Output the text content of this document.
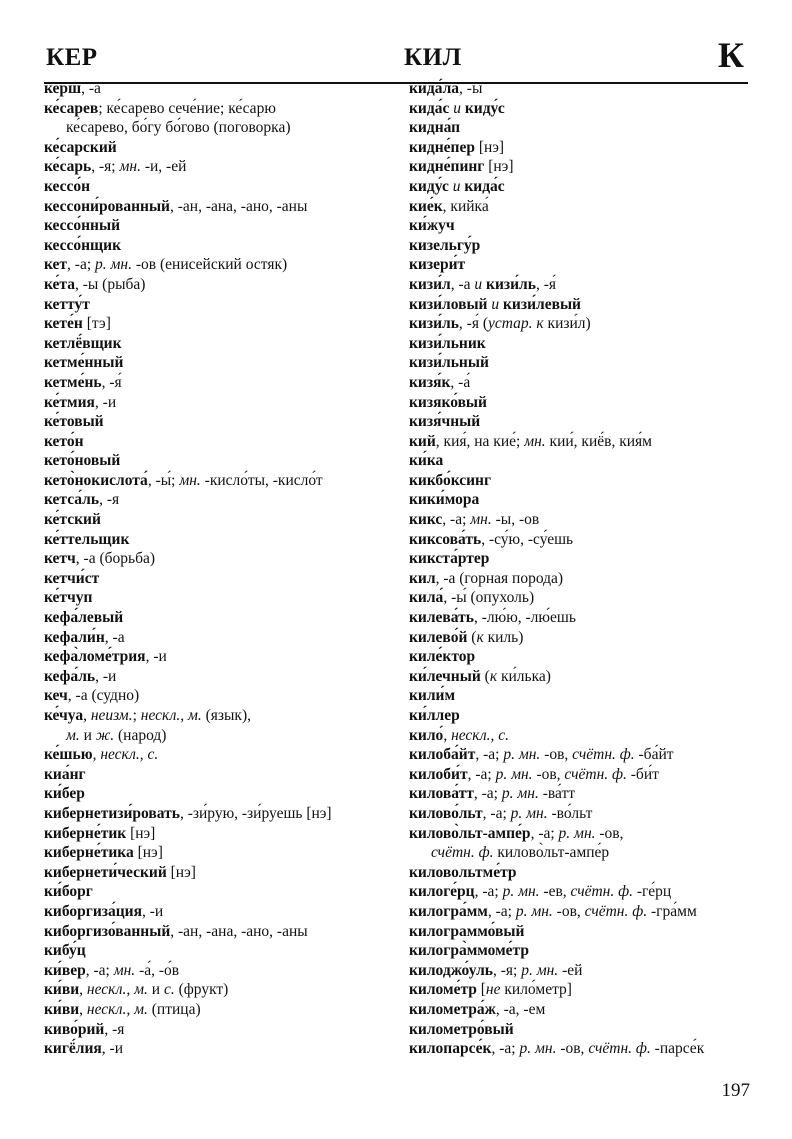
КЕР	КИЛ	К
керш, -а
ке́сарев; ке́сарево сече́ние; ке́сарю
ке́сарево, бо́гу бо́гово (поговорка)
ке́сарский
ке́сарь, -я; мн. -и, -ей
кессо́н
кессони́рованный, -ан, -ана, -ано, -аны
кессо́нный
кессо́нщик
кет, -а; р. мн. -ов (енисейский остяк)
ке́та, -ы (рыба)
кетту́т
кете́н [тэ]
кетлё́вщик
кетме́нный
кетме́нь, -я́
ке́тмия, -и
ке́товый
кето́н
кето́новый
кето̀нокислота́, -ы́; мн. -кисло́ты, -кисло́т
кетса́ль, -я
ке́тский
ке́ттельщик
кетч, -а (борьба)
кетчи́ст
ке́тчуп
кефа́левый
кефали́н, -а
кефа̀ломе́трия, -и
кефа́ль, -и
кеч, -а (судно)
ке́чуа, неизм.; нескл., м. (язык),
м. и ж. (народ)
ке́шью, нескл., с.
киа́нг
ки́бер
кибернетизи́ровать, -зи́рую, -зи́руешь [нэ]
киберне́тик [нэ]
киберне́тика [нэ]
кибернети́ческий [нэ]
ки́борг
киборгиза́ция, -и
киборгизо́ванный, -ан, -ана, -ано, -аны
кибу́ц
ки́вер, -а; мн. -а́, -о́в
ки́ви, нескл., м. и с. (фрукт)
ки́ви, нескл., м. (птица)
киво́рий, -я
кигё́лия, -и
кида́ла, -ы
кида́с и киду́с
кидна́п
кидне́пер [нэ]
кидне́пинг [нэ]
киду́с и кида́с
кие́к, кийка́
ки́жуч
кизельгу́р
кизери́т
кизи́л, -а и кизи́ль, -я́
кизи́ловый и кизи́левый
кизи́ль, -я́ (устар. к кизи́л)
кизи́льник
кизи́льный
кизя́к, -а́
кизяко́вый
кизя́чный
кий, кия́, на кие́; мн. кии́, киё́в, кия́м
ки́ка
кикбо́ксинг
кики́мора
кикс, -а; мн. -ы, -ов
киксова́ть, -су́ю, -су́ешь
кикста́ртер
кил, -а (горная порода)
кила́, -ы́ (опухоль)
килева́ть, -лю́ю, -лю́ешь
килево́й (к киль)
киле́ктор
ки́лечный (к ки́лька)
кили́м
ки́ллер
кило́, нескл., с.
килоба́йт, -а; р. мн. -ов, счётн. ф. -ба́йт
килоби́т, -а; р. мн. -ов, счётн. ф. -би́т
килова́тт, -а; р. мн. -ва́тт
килово́льт, -а; р. мн. -во́льт
килово̀льт-ампе́р, -а; р. мн. -ов,
счётн. ф. килово̀льт-ампе́р
киловольтме́тр
килоге́рц, -а; р. мн. -ев, счётн. ф. -ге́рц
килогра́мм, -а; р. мн. -ов, счётн. ф. -гра́мм
килограммо́вый
килогра̀ммоме́тр
килоджо́уль, -я; р. мн. -ей
киломе́тр [не кило́метр]
километра́ж, -а, -ем
километро́вый
килопарсе́к, -а; р. мн. -ов, счётн. ф. -парсе́к
197
